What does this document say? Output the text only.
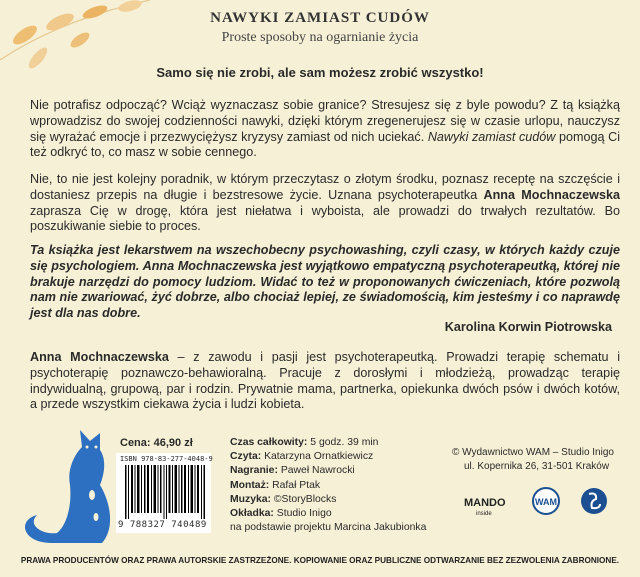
NAWYKI ZAMIAST CUDÓW
Proste sposoby na ogarnianie życia
Samo się nie zrobi, ale sam możesz zrobić wszystko!
Nie potrafisz odpocząć? Wciąż wyznaczasz sobie granice? Stresujesz się z byle powodu? Z tą książką wprowadzisz do swojej codzienności nawyki, dzięki którym zregenerujesz się w czasie urlopu, nauczysz się wyrażać emocje i przezwyciężysz kryzysy zamiast od nich uciekać. Nawyki zamiast cudów pomogą Ci też odkryć to, co masz w sobie cennego.
Nie, to nie jest kolejny poradnik, w którym przeczytasz o złotym środku, poznasz receptę na szczęście i dostaniesz przepis na długie i bezstresowe życie. Uznana psychoterapeutka Anna Mochnaczewska zaprasza Cię w drogę, która jest niełatwa i wyboista, ale prowadzi do trwałych rezultatów. Bo poszukiwanie siebie to proces.
Ta książka jest lekarstwem na wszechobecny psychowashing, czyli czasy, w których każdy czuje się psychologiem. Anna Mochnaczewska jest wyjątkowo empatyczną psychoterapeutką, której nie brakuje narzędzi do pomocy ludziom. Widać to też w proponowanych ćwiczeniach, które pozwolą nam nie zwariować, żyć dobrze, albo chociaż lepiej, ze świadomością, kim jesteśmy i co naprawdę jest dla nas dobre.
Karolina Korwin Piotrowska
Anna Mochnaczewska – z zawodu i pasji jest psychoterapeutką. Prowadzi terapię schematu i psychoterapię poznawczo-behawioralną. Pracuje z dorosłymi i młodzieżą, prowadząc terapię indywidualną, grupową, par i rodzin. Prywatnie mama, partnerka, opiekunka dwóch psów i dwóch kotów, a przede wszystkim ciekawa życia i ludzi kobieta.
Cena: 46,90 zł
ISBN 978-83-277-4048-9
9 788327 740489
Czas całkowity: 5 godz. 39 min
Czyta: Katarzyna Ornatkiewicz
Nagranie: Paweł Nawrocki
Montaż: Rafał Ptak
Muzyka: ©StoryBlocks
Okładka: Studio Inigo
na podstawie projektu Marcina Jakubionka
© Wydawnictwo WAM – Studio Inigo
ul. Kopernika 26, 31-501 Kraków
MANDO
inside
WAM
PRAWA PRODUCENTÓW ORAZ PRAWA AUTORSKIE ZASTRZEŻONE. KOPIOWANIE ORAZ PUBLICZNE ODTWARZANIE BEZ ZEZWOLENIA ZABRONIONE.
